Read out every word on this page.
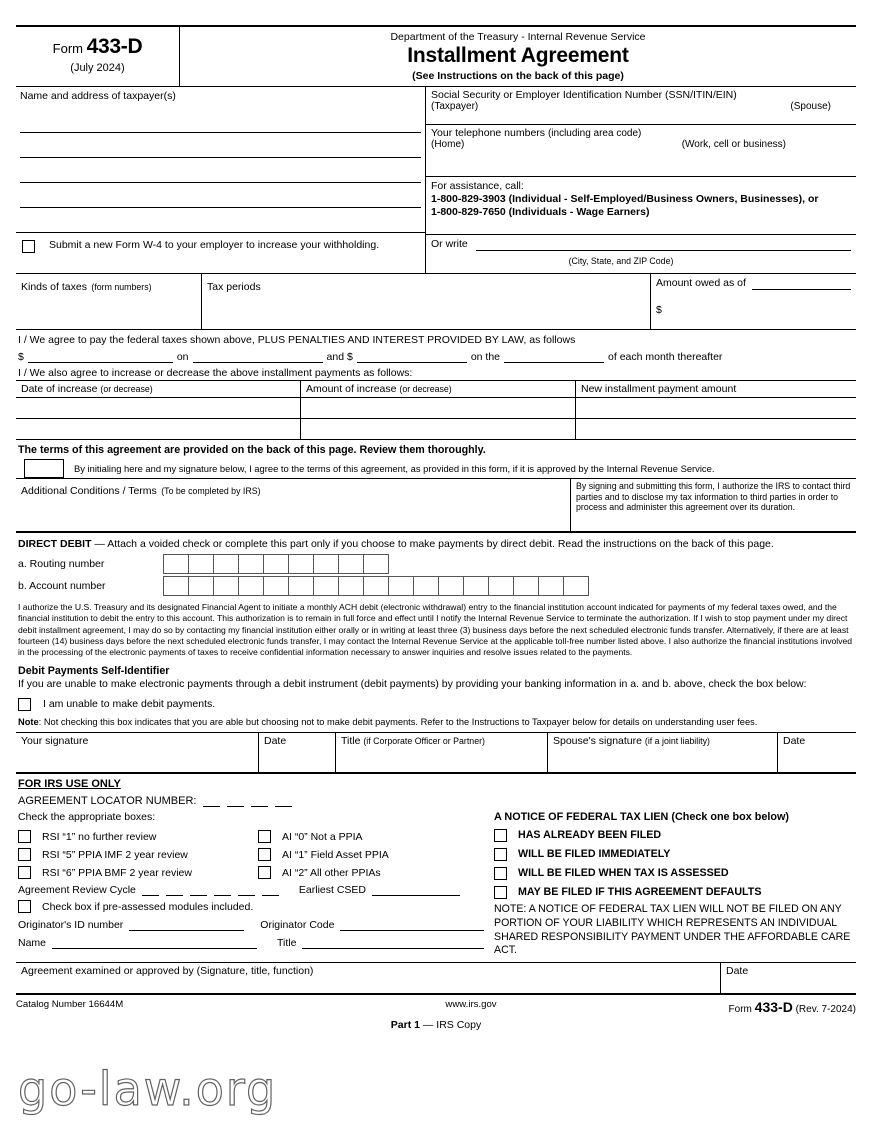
Form 433-D
(July 2024)
Department of the Treasury - Internal Revenue Service
Installment Agreement
(See Instructions on the back of this page)
Name and address of taxpayer(s)
Submit a new Form W-4 to your employer to increase your withholding.
Social Security or Employer Identification Number (SSN/ITIN/EIN)
(Taxpayer)	(Spouse)
Your telephone numbers (including area code)
(Home)	(Work, cell or business)
For assistance, call:
1-800-829-3903 (Individual - Self-Employed/Business Owners, Businesses), or
1-800-829-7650 (Individuals - Wage Earners)
Or write
(City, State, and ZIP Code)
Kinds of taxes (form numbers)	Tax periods	Amount owed as of
$
I / We agree to pay the federal taxes shown above, PLUS PENALTIES AND INTEREST PROVIDED BY LAW, as follows
$	on	and $	on the	of each month thereafter
I / We also agree to increase or decrease the above installment payments as follows:
Date of increase (or decrease)	Amount of increase (or decrease)	New installment payment amount
The terms of this agreement are provided on the back of this page. Review them thoroughly.
By initialing here and my signature below, I agree to the terms of this agreement, as provided in this form, if it is approved by the Internal Revenue Service.
Additional Conditions / Terms (To be completed by IRS)	By signing and submitting this form, I authorize the IRS to contact third parties and to disclose my tax information to third parties in order to process and administer this agreement over its duration.
DIRECT DEBIT — Attach a voided check or complete this part only if you choose to make payments by direct debit. Read the instructions on the back of this page.
a. Routing number
b. Account number
I authorize the U.S. Treasury and its designated Financial Agent to initiate a monthly ACH debit (electronic withdrawal) entry to the financial institution account indicated for payments of my federal taxes owed, and the financial institution to debit the entry to this account. This authorization is to remain in full force and effect until I notify the Internal Revenue Service to terminate the authorization. If I wish to stop payment under my direct debit installment agreement, I may do so by contacting my financial institution either orally or in writing at least three (3) business days before the next scheduled electronic funds transfer. Alternatively, if there are at least fourteen (14) business days before the next scheduled electronic funds transfer, I may contact the Internal Revenue Service at the applicable toll-free number listed above. I also authorize the financial institutions involved in the processing of the electronic payments of taxes to receive confidential information necessary to answer inquiries and resolve issues related to the payments.
Debit Payments Self-Identifier
If you are unable to make electronic payments through a debit instrument (debit payments) by providing your banking information in a. and b. above, check the box below:
I am unable to make debit payments.
Note: Not checking this box indicates that you are able but choosing not to make debit payments. Refer to the Instructions to Taxpayer below for details on understanding user fees.
Your signature	Date	Title (if Corporate Officer or Partner)	Spouse's signature (if a joint liability)	Date
FOR IRS USE ONLY
AGREEMENT LOCATOR NUMBER:
Check the appropriate boxes:
RSI “1” no further review	AI “0” Not a PPIA
RSI “5” PPIA IMF 2 year review	AI “1” Field Asset PPIA
RSI “6” PPIA BMF 2 year review	AI “2” All other PPIAs
Agreement Review Cycle	Earliest CSED
Check box if pre-assessed modules included.
Originator's ID number	Originator Code
Name	Title
A NOTICE OF FEDERAL TAX LIEN (Check one box below)
HAS ALREADY BEEN FILED
WILL BE FILED IMMEDIATELY
WILL BE FILED WHEN TAX IS ASSESSED
MAY BE FILED IF THIS AGREEMENT DEFAULTS
NOTE: A NOTICE OF FEDERAL TAX LIEN WILL NOT BE FILED ON ANY PORTION OF YOUR LIABILITY WHICH REPRESENTS AN INDIVIDUAL SHARED RESPONSIBILITY PAYMENT UNDER THE AFFORDABLE CARE ACT.
Agreement examined or approved by (Signature, title, function)	Date
Catalog Number 16644M	www.irs.gov	Form 433-D (Rev. 7-2024)
Part 1 — IRS Copy
go-law.org
